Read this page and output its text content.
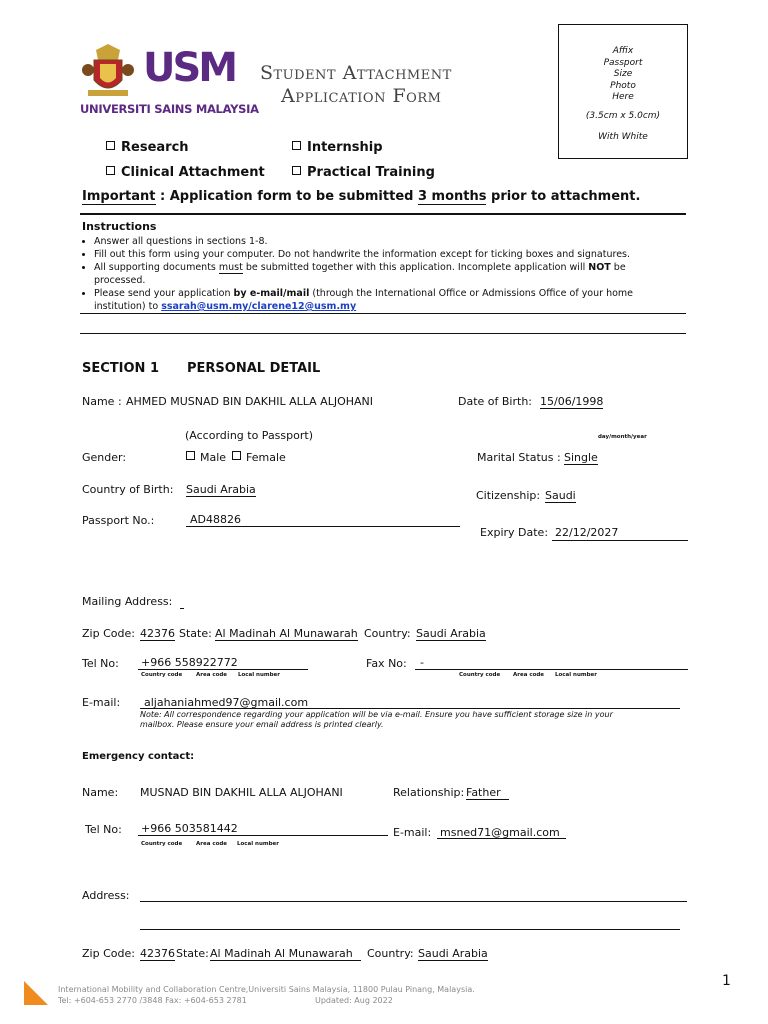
USM
UNIVERSITI SAINS MALAYSIA
Student Attachment
Application Form
Affix
Passport
Size
Photo
Here
(3.5cm x 5.0cm)
With White
Research	Internship
Clinical Attachment	Practical Training
Important : Application form to be submitted 3 months prior to attachment.
Instructions
• Answer all questions in sections 1-8.
• Fill out this form using your computer. Do not handwrite the information except for ticking boxes and signatures.
• All supporting documents must be submitted together with this application. Incomplete application will NOT be processed.
• Please send your application by e-mail/mail (through the International Office or Admissions Office of your home institution) to ssarah@usm.my/clarene12@usm.my
SECTION 1 PERSONAL DETAIL
Name : AHMED MUSNAD BIN DAKHIL ALLA ALJOHANI	Date of Birth: 15/06/1998
(According to Passport)	day/month/year
Gender:	Male	Female	Marital Status : Single
Country of Birth: Saudi Arabia	Citizenship: Saudi
Passport No.:	AD48826
Expiry Date: 22/12/2027
Mailing Address:
Zip Code: 42376 State: Al Madinah Al Munawarah Country: Saudi Arabia
Tel No: +966 558922772
Country code	Area code Local number
Fax No: -
Country code Area code Local number
E-mail: aljahaniahmed97@gmail.com
Note: All correspondence regarding your application will be via e-mail. Ensure you have sufficient storage size in your
mailbox. Please ensure your email address is printed clearly.
Emergency contact:
Name: MUSNAD BIN DAKHIL ALLA ALJOHANI	Relationship: Father
Tel No: +966 503581442
Country code	Area code Local number
E-mail: msned71@gmail.com
Address:
Zip Code: 42376 State: Al Madinah Al Munawarah	Country: Saudi Arabia
International Mobility and Collaboration Centre,Universiti Sains Malaysia, 11800 Pulau Pinang, Malaysia.
Tel: +604-653 2770 /3848 Fax: +604-653 2781	Updated: Aug 2022
1
